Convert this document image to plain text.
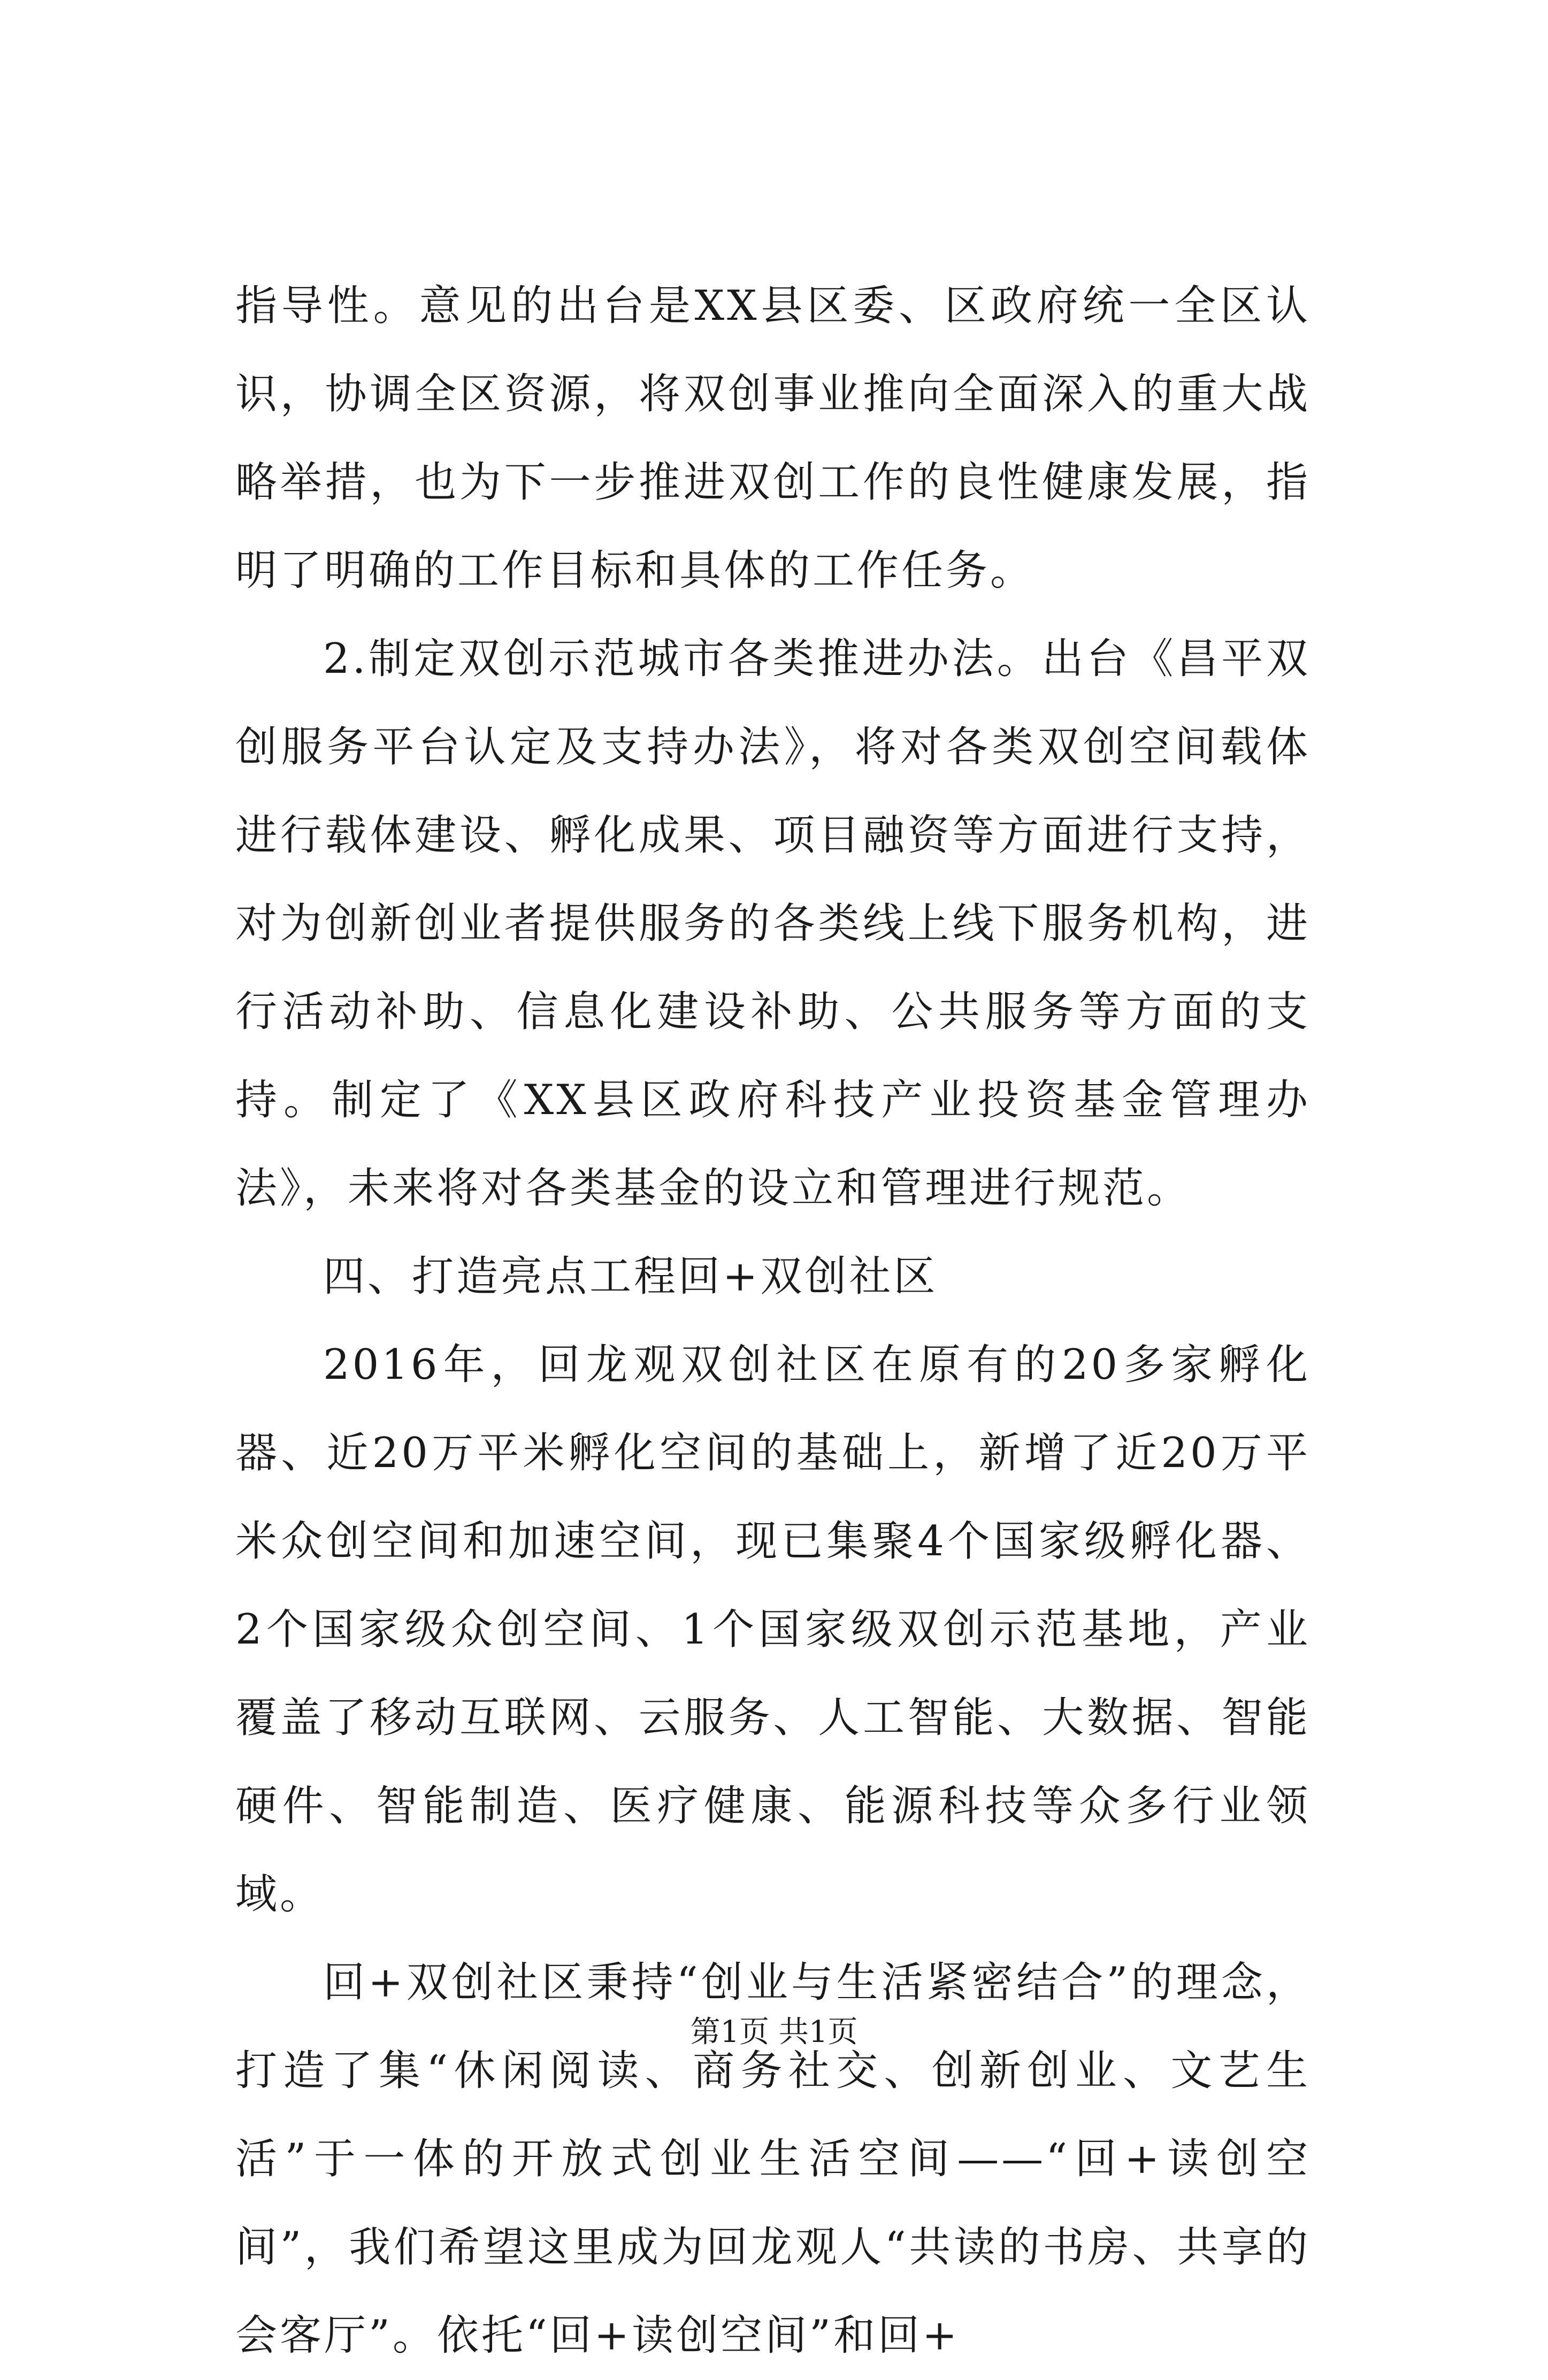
指导性。意见的出台是XX县区委、区政府统一全区认识，协调全区资源，将双创事业推向全面深入的重大战略举措，也为下一步推进双创工作的良性健康发展，指明了明确的工作目标和具体的工作任务。

2.制定双创示范城市各类推进办法。出台《昌平双创服务平台认定及支持办法》，将对各类双创空间载体进行载体建设、孵化成果、项目融资等方面进行支持，对为创新创业者提供服务的各类线上线下服务机构，进行活动补助、信息化建设补助、公共服务等方面的支持。制定了《XX县区政府科技产业投资基金管理办法》，未来将对各类基金的设立和管理进行规范。

四、打造亮点工程回+双创社区

2016年，回龙观双创社区在原有的20多家孵化器、近20万平米孵化空间的基础上，新增了近20万平米众创空间和加速空间，现已集聚4个国家级孵化器、2个国家级众创空间、1个国家级双创示范基地，产业覆盖了移动互联网、云服务、人工智能、大数据、智能硬件、智能制造、医疗健康、能源科技等众多行业领域。

回+双创社区秉持“创业与生活紧密结合”的理念，打造了集“休闲阅读、商务社交、创新创业、文艺生活”于一体的开放式创业生活空间——“回+读创空间”，我们希望这里成为回龙观人“共读的书房、共享的会客厅”。依托“回+读创空间”和回+

第1页 共1页
